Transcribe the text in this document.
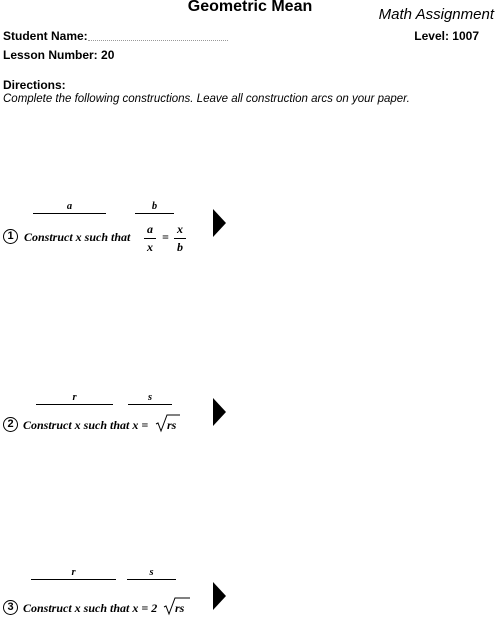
Geometric Mean	Math Assignment
Student Name:	Level: 1007
Lesson Number: 20
Directions:
Complete the following constructions. Leave all construction arcs on your paper.
a	b
1 Construct x such that $\frac{a}{x} = \frac{x}{b}$
r	s
2 Construct x such that x = rs
r	s
3 Construct x such that x = 2 rs
